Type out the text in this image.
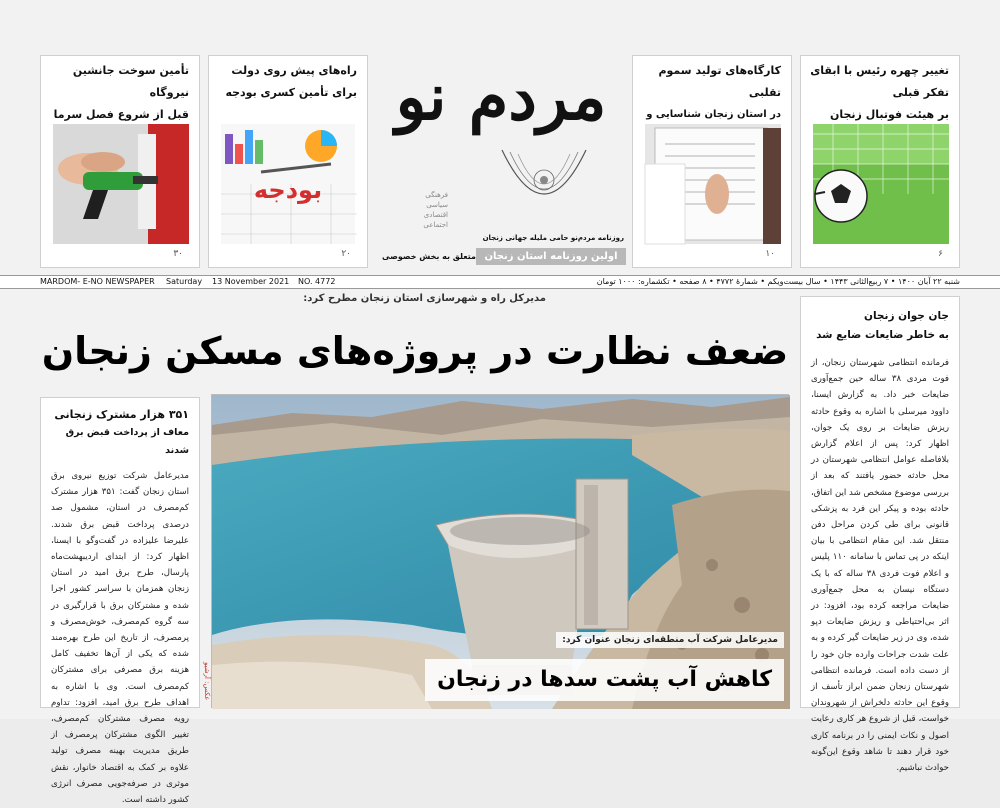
تأمین سوخت جانشین نیروگاه
قبل از شروع فصل سرما
۳۰
راه‌های پیش روی دولت
برای تأمین کسری بودجه
بودجه
۲۰
کارگاه‌های تولید سموم تقلبی
در استان زنجان شناسایی و
۱۰
تغییر چهره رئیس با ابقای تفکر قبلی
بر هیئت فوتبال زنجان
۶
مردم نو
فرهنگی
سیاسی
اقتصادی
اجتماعی
روزنامه مردم‌نو حامی ملیله جهانی زنجان
متعلق به بخش خصوصی اولین روزنامه استان زنجان
MARDOM- E-NO NEWSPAPER Saturday 13 November 2021 NO. 4772	شنبه ۲۲ آبان ۱۴۰۰ • ۷ ربیع‌الثانی ۱۴۴۳ • سال بیست‌ویکم • شمارهٔ ۴۷۷۲ • ۸ صفحه • تکشماره: ۱۰۰۰ تومان
مدیرکل راه و شهرسازی استان زنجان مطرح کرد:
ضعف نظارت در پروژه‌های مسکن زنجان
جان جوان زنجان
به خاطر ضایعات ضایع شد
فرمانده انتظامی شهرستان زنجان، از فوت مردی ۳۸ ساله حین جمع‌آوری ضایعات خبر داد. به گزارش ایسنا، داوود میرسلی با اشاره به وقوع حادثه ریزش ضایعات بر روی یک جوان، اظهار کرد: پس از اعلام گزارش بلافاصله عوامل انتظامی شهرستان در محل حادثه حضور یافتند که بعد از بررسی موضوع مشخص شد این اتفاق، حادثه بوده و پیکر این فرد به پزشکی قانونی برای طی کردن مراحل دفن منتقل شد. این مقام انتظامی با بیان اینکه در پی تماس با سامانه ۱۱۰ پلیس و اعلام فوت فردی ۳۸ ساله که با یک دستگاه نیسان به محل جمع‌آوری ضایعات مراجعه کرده بود، افزود: در اثر بی‌احتیاطی و ریزش ضایعات دپو شده، وی در زیر ضایعات گیر کرده و به علت شدت جراحات وارده جان خود را از دست داده است. فرمانده انتظامی شهرستان زنجان ضمن ابراز تأسف از وقوع این حادثه دلخراش از شهروندان خواست، قبل از شروع هر کاری رعایت اصول و نکات ایمنی را در برنامه کاری خود قرار دهند تا شاهد وقوع این‌گونه حوادث نباشیم.
۳۵۱ هزار مشترک زنجانی
معاف از پرداخت قبض برق شدند
مدیرعامل شرکت توزیع نیروی برق استان زنجان گفت: ۳۵۱ هزار مشترک کم‌مصرف در استان، مشمول صد درصدی پرداخت قبض برق شدند. علیرضا علیزاده در گفت‌وگو با ایسنا، اظهار کرد: از ابتدای اردیبهشت‌ماه پارسال، طرح برق امید در استان زنجان همزمان با سراسر کشور اجرا شده و مشترکان برق با قرارگیری در سه گروه کم‌مصرف، خوش‌مصرف و پرمصرف، از تاریخ این طرح بهره‌مند شده که یکی از آن‌ها تخفیف کامل هزینه برق مصرفی برای مشترکان کم‌مصرف است. وی با اشاره به اهداف طرح برق امید، افزود: تداوم رویه مصرف مشترکان کم‌مصرف، تغییر الگوی مشترکان پرمصرف از طریق مدیریت بهینه مصرف تولید علاوه بر کمک به اقتصاد خانوار، نقش موثری در صرفه‌جویی مصرف انرژی کشور داشته است.
مدیرعامل شرکت آب منطقه‌ای زنجان عنوان کرد:
کاهش آب پشت سدها در زنجان
عکس: آرشیو
